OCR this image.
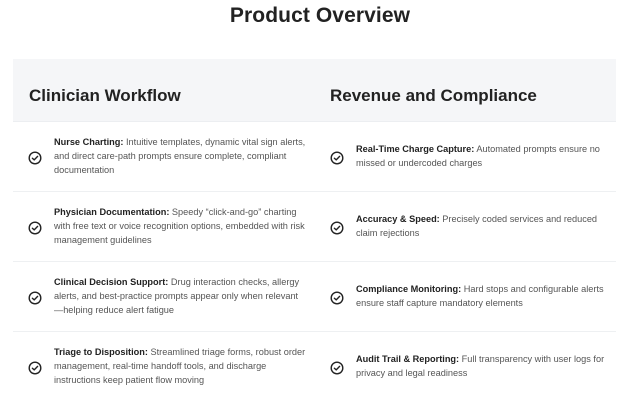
Product Overview
Clinician Workflow	Revenue and Compliance

Nurse Charting: Intuitive templates, dynamic vital sign alerts, and direct care-path prompts ensure complete, compliant documentation

Real-Time Charge Capture: Automated prompts ensure no missed or undercoded charges

Physician Documentation: Speedy “click-and-go” charting with free text or voice recognition options, embedded with risk management guidelines

Accuracy & Speed: Precisely coded services and reduced claim rejections

Clinical Decision Support: Drug interaction checks, allergy alerts, and best-practice prompts appear only when relevant—helping reduce alert fatigue

Compliance Monitoring: Hard stops and configurable alerts ensure staff capture mandatory elements

Triage to Disposition: Streamlined triage forms, robust order management, real-time handoff tools, and discharge instructions keep patient flow moving

Audit Trail & Reporting: Full transparency with user logs for privacy and legal readiness
